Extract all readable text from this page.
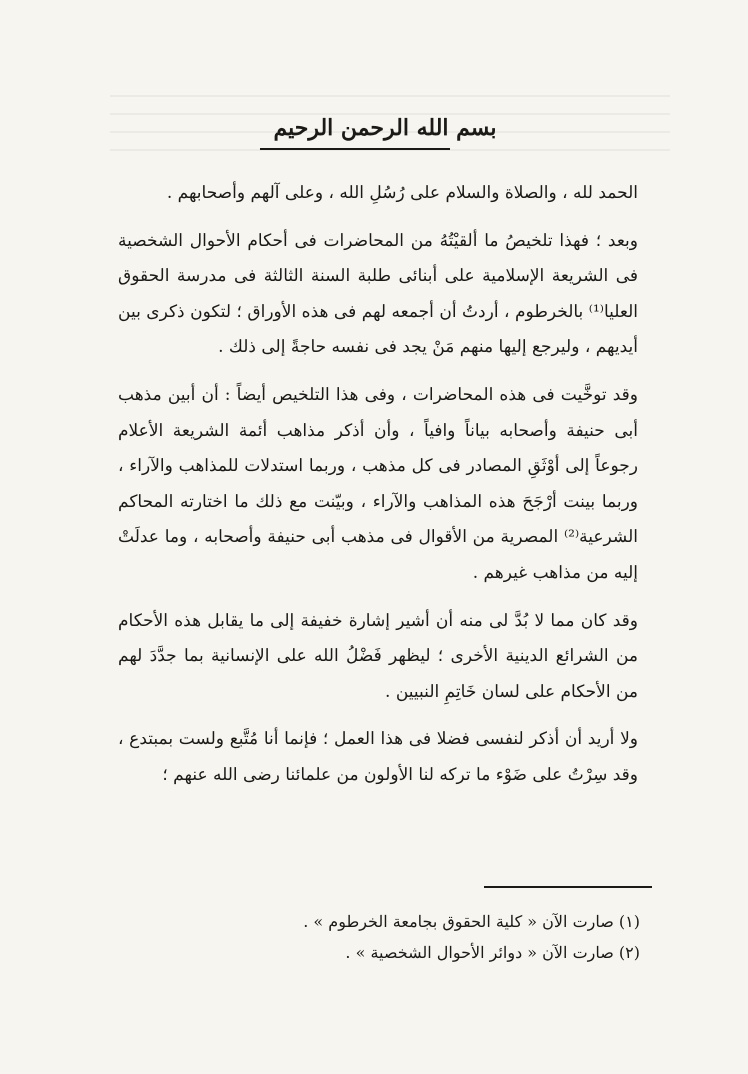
بسم الله الرحمن الرحيم

الحمد لله ، والصلاة والسلام على رُسُلِ الله ، وعلى آلهم وأصحابهم .

وبعد ؛ فهذا تلخيصُ ما ألقيْتُهُ من المحاضرات فى أحكام الأحوال الشخصية فى الشريعة الإسلامية على أبنائى طلبة السنة الثالثة فى مدرسة الحقوق العليا⁽¹⁾ بالخرطوم ، أردتُ أن أجمعه لهم فى هذه الأوراق ؛ لتكون ذكرى بين أيديهم ، وليرجع إليها منهم مَنْ يجد فى نفسه حاجةً إلى ذلك .

وقد توخَّيت فى هذه المحاضرات ، وفى هذا التلخيص أيضاً : أن أبين مذهب أبى حنيفة وأصحابه بياناً وافياً ، وأن أذكر مذاهب أئمة الشريعة الأعلام رجوعاً إلى أوْثَقِ المصادر فى كل مذهب ، وربما استدلات للمذاهب والآراء ، وربما بينت أرْجَحَ هذه المذاهب والآراء ، وبيّنت مع ذلك ما اختارته المحاكم الشرعية⁽²⁾ المصرية من الأقوال فى مذهب أبى حنيفة وأصحابه ، وما عدلَتْ إليه من مذاهب غيرهم .

وقد كان مما لا بُدَّ لى منه أن أشير إشارة خفيفة إلى ما يقابل هذه الأحكام من الشرائع الدينية الأخرى ؛ ليظهر فَضْلُ الله على الإنسانية بما جدَّدَ لهم من الأحكام على لسان خَاتِمِ النبيين .

ولا أريد أن أذكر لنفسى فضلا فى هذا العمل ؛ فإنما أنا مُتَّبع ولست بمبتدع ، وقد سِرْتُ على ضَوْء ما تركه لنا الأولون من علمائنا رضى الله عنهم ؛

(١) صارت الآن « كلية الحقوق بجامعة الخرطوم » .

(٢) صارت الآن « دوائر الأحوال الشخصية » .
